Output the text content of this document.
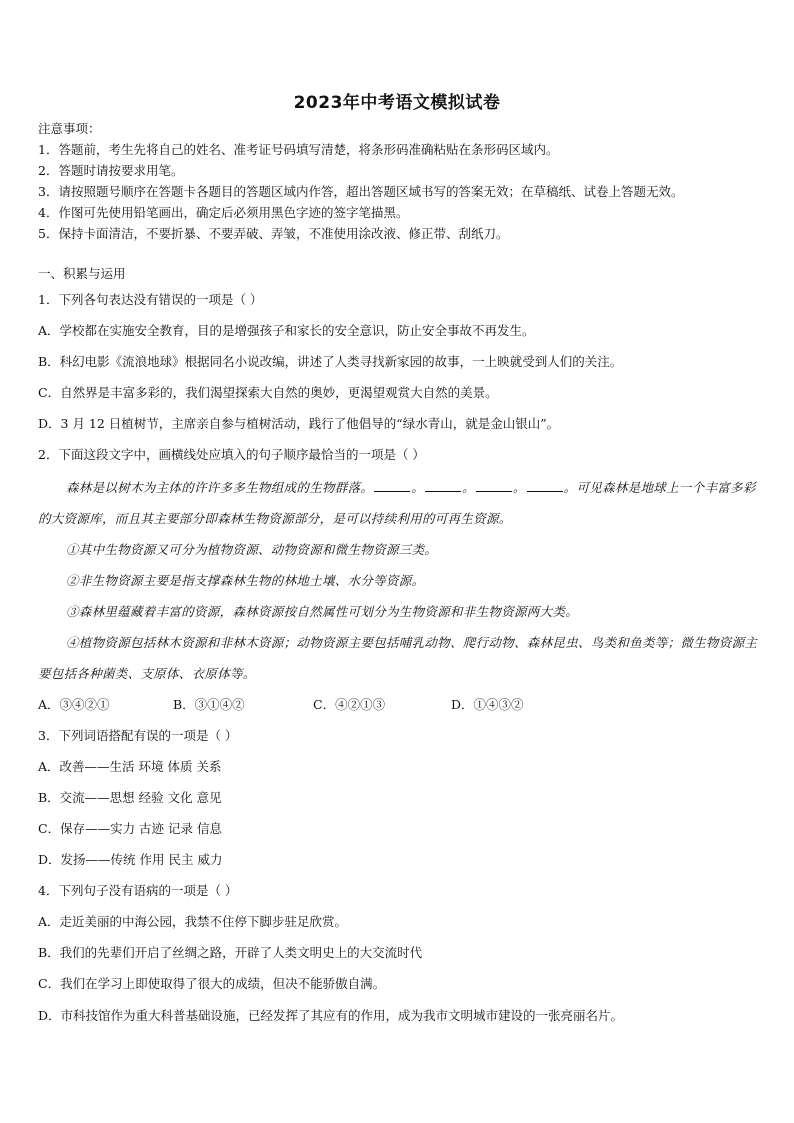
2023年中考语文模拟试卷
注意事项：
1．答题前，考生先将自己的姓名、准考证号码填写清楚，将条形码准确粘贴在条形码区域内。
2．答题时请按要求用笔。
3．请按照题号顺序在答题卡各题目的答题区域内作答，超出答题区域书写的答案无效；在草稿纸、试卷上答题无效。
4．作图可先使用铅笔画出，确定后必须用黑色字迹的签字笔描黑。
5．保持卡面清洁，不要折暴、不要弄破、弄皱，不准使用涂改液、修正带、刮纸刀。
一、积累与运用
1．下列各句表达没有错误的一项是（ ）
A．学校都在实施安全教育，目的是增强孩子和家长的安全意识，防止安全事故不再发生。
B．科幻电影《流浪地球》根据同名小说改编，讲述了人类寻找新家园的故事，一上映就受到人们的关注。
C．自然界是丰富多彩的，我们渴望探索大自然的奥妙，更渴望观赏大自然的美景。
D．3 月 12 日植树节，主席亲自参与植树活动，践行了他倡导的“绿水青山，就是金山银山”。
2．下面这段文字中，画横线处应填入的句子顺序最恰当的一项是（ ）
森林是以树木为主体的许许多多生物组成的生物群落。	。	。	。	。可见森林是地球上一个丰富多彩的大资源库，而且其主要部分即森林生物资源部分，是可以持续利用的可再生资源。
①其中生物资源又可分为植物资源、动物资源和微生物资源三类。
②非生物资源主要是指支撑森林生物的林地土壤、水分等资源。
③森林里蕴藏着丰富的资源，森林资源按自然属性可划分为生物资源和非生物资源两大类。
④植物资源包括林木资源和非林木资源；动物资源主要包括哺乳动物、爬行动物、森林昆虫、鸟类和鱼类等；微生物资源主要包括各种菌类、支原体、衣原体等。
A．③④②①	B．③①④②	C．④②①③	D．①④③②
3．下列词语搭配有误的一项是（ ）
A．改善——生活 环境 体质 关系
B．交流——思想 经验 文化 意见
C．保存——实力 古迹 记录 信息
D．发扬——传统 作用 民主 威力
4．下列句子没有语病的一项是（ ）
A．走近美丽的中海公园，我禁不住停下脚步驻足欣赏。
B．我们的先辈们开启了丝绸之路，开辟了人类文明史上的大交流时代
C．我们在学习上即使取得了很大的成绩，但决不能骄傲自满。
D．市科技馆作为重大科普基础设施，已经发挥了其应有的作用，成为我市文明城市建设的一张亮丽名片。
